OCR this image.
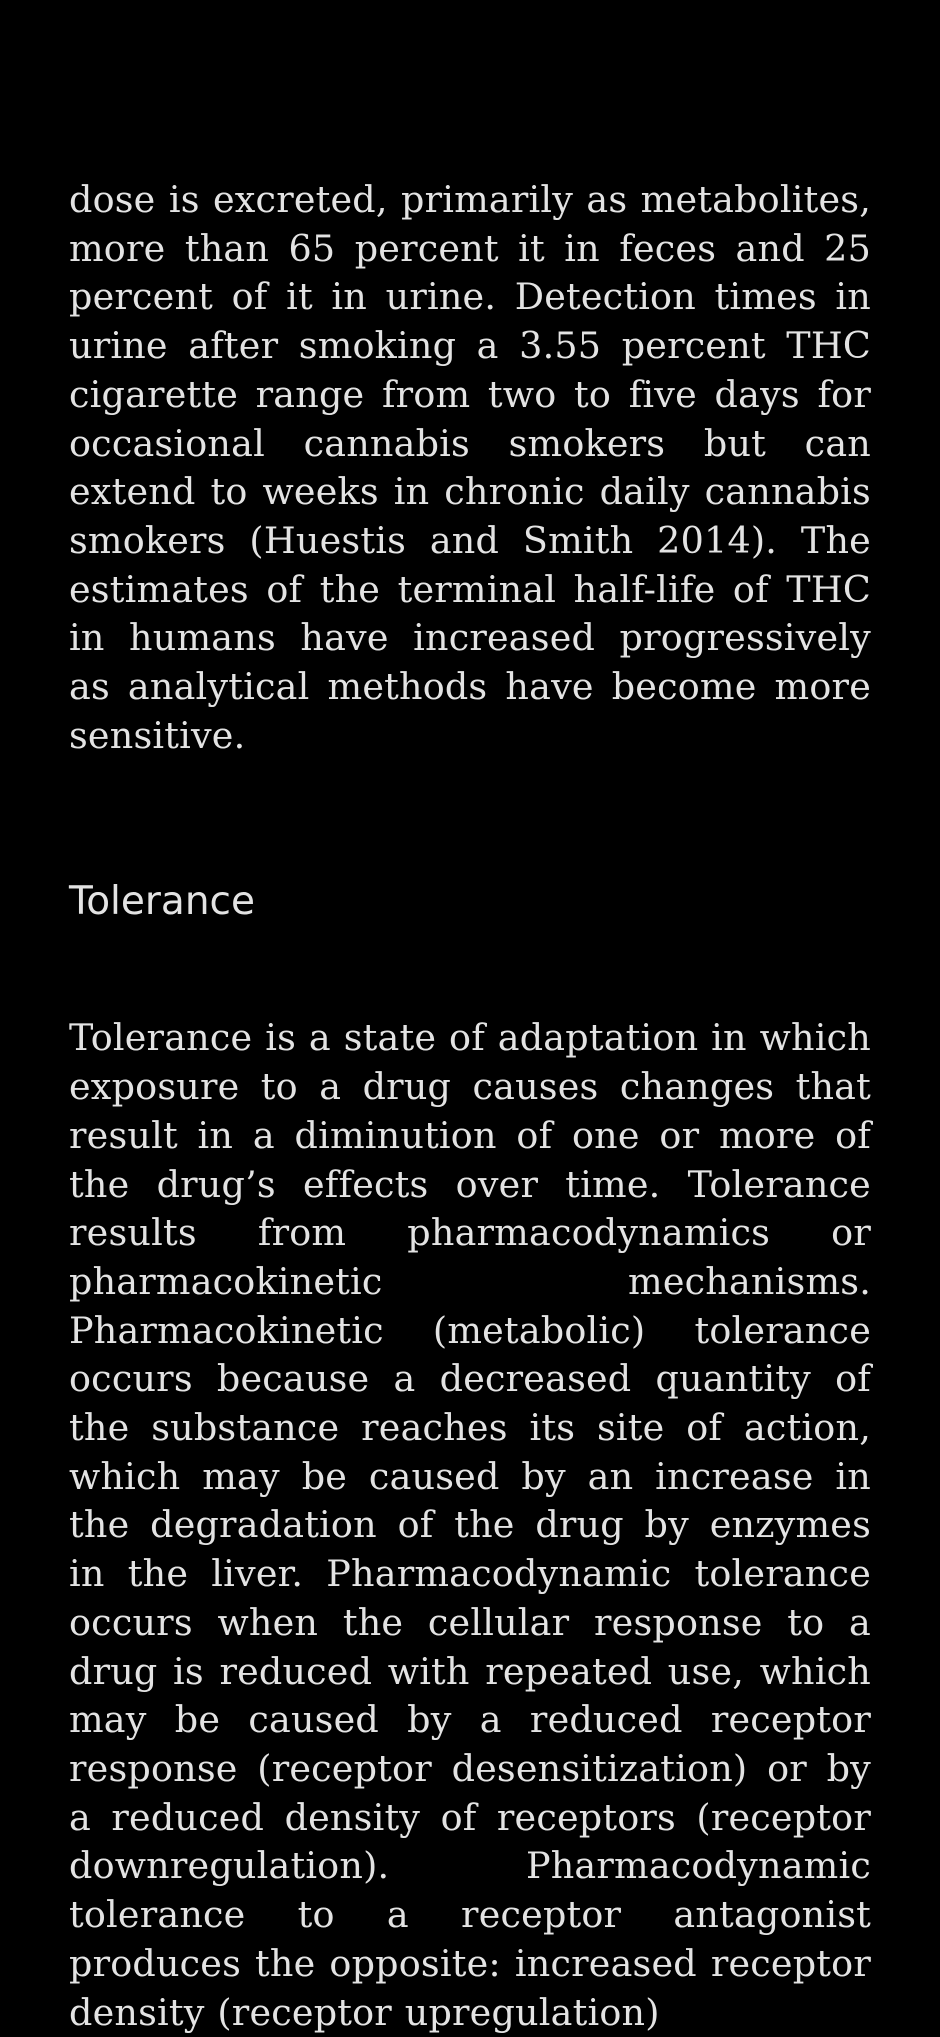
dose is excreted, primarily as metabolites, more than 65 percent it in feces and 25 percent of it in urine. Detection times in urine after smoking a 3.55 percent THC cigarette range from two to five days for occasional cannabis smokers but can extend to weeks in chronic daily cannabis smokers (Huestis and Smith 2014). The estimates of the terminal half-life of THC in humans have increased progressively as analytical methods have become more sensitive.

Tolerance

Tolerance is a state of adaptation in which exposure to a drug causes changes that result in a diminution of one or more of the drug’s effects over time. Tolerance results from pharmacodynamics or pharmacokinetic mechanisms. Pharmacokinetic (metabolic) tolerance occurs because a decreased quantity of the substance reaches its site of action, which may be caused by an increase in the degradation of the drug by enzymes in the liver. Pharmacodynamic tolerance occurs when the cellular response to a drug is reduced with repeated use, which may be caused by a reduced receptor response (receptor desensitization) or by a reduced density of receptors (receptor downregulation). Pharmacodynamic tolerance to a receptor antagonist produces the opposite: increased receptor density (receptor upregulation)
